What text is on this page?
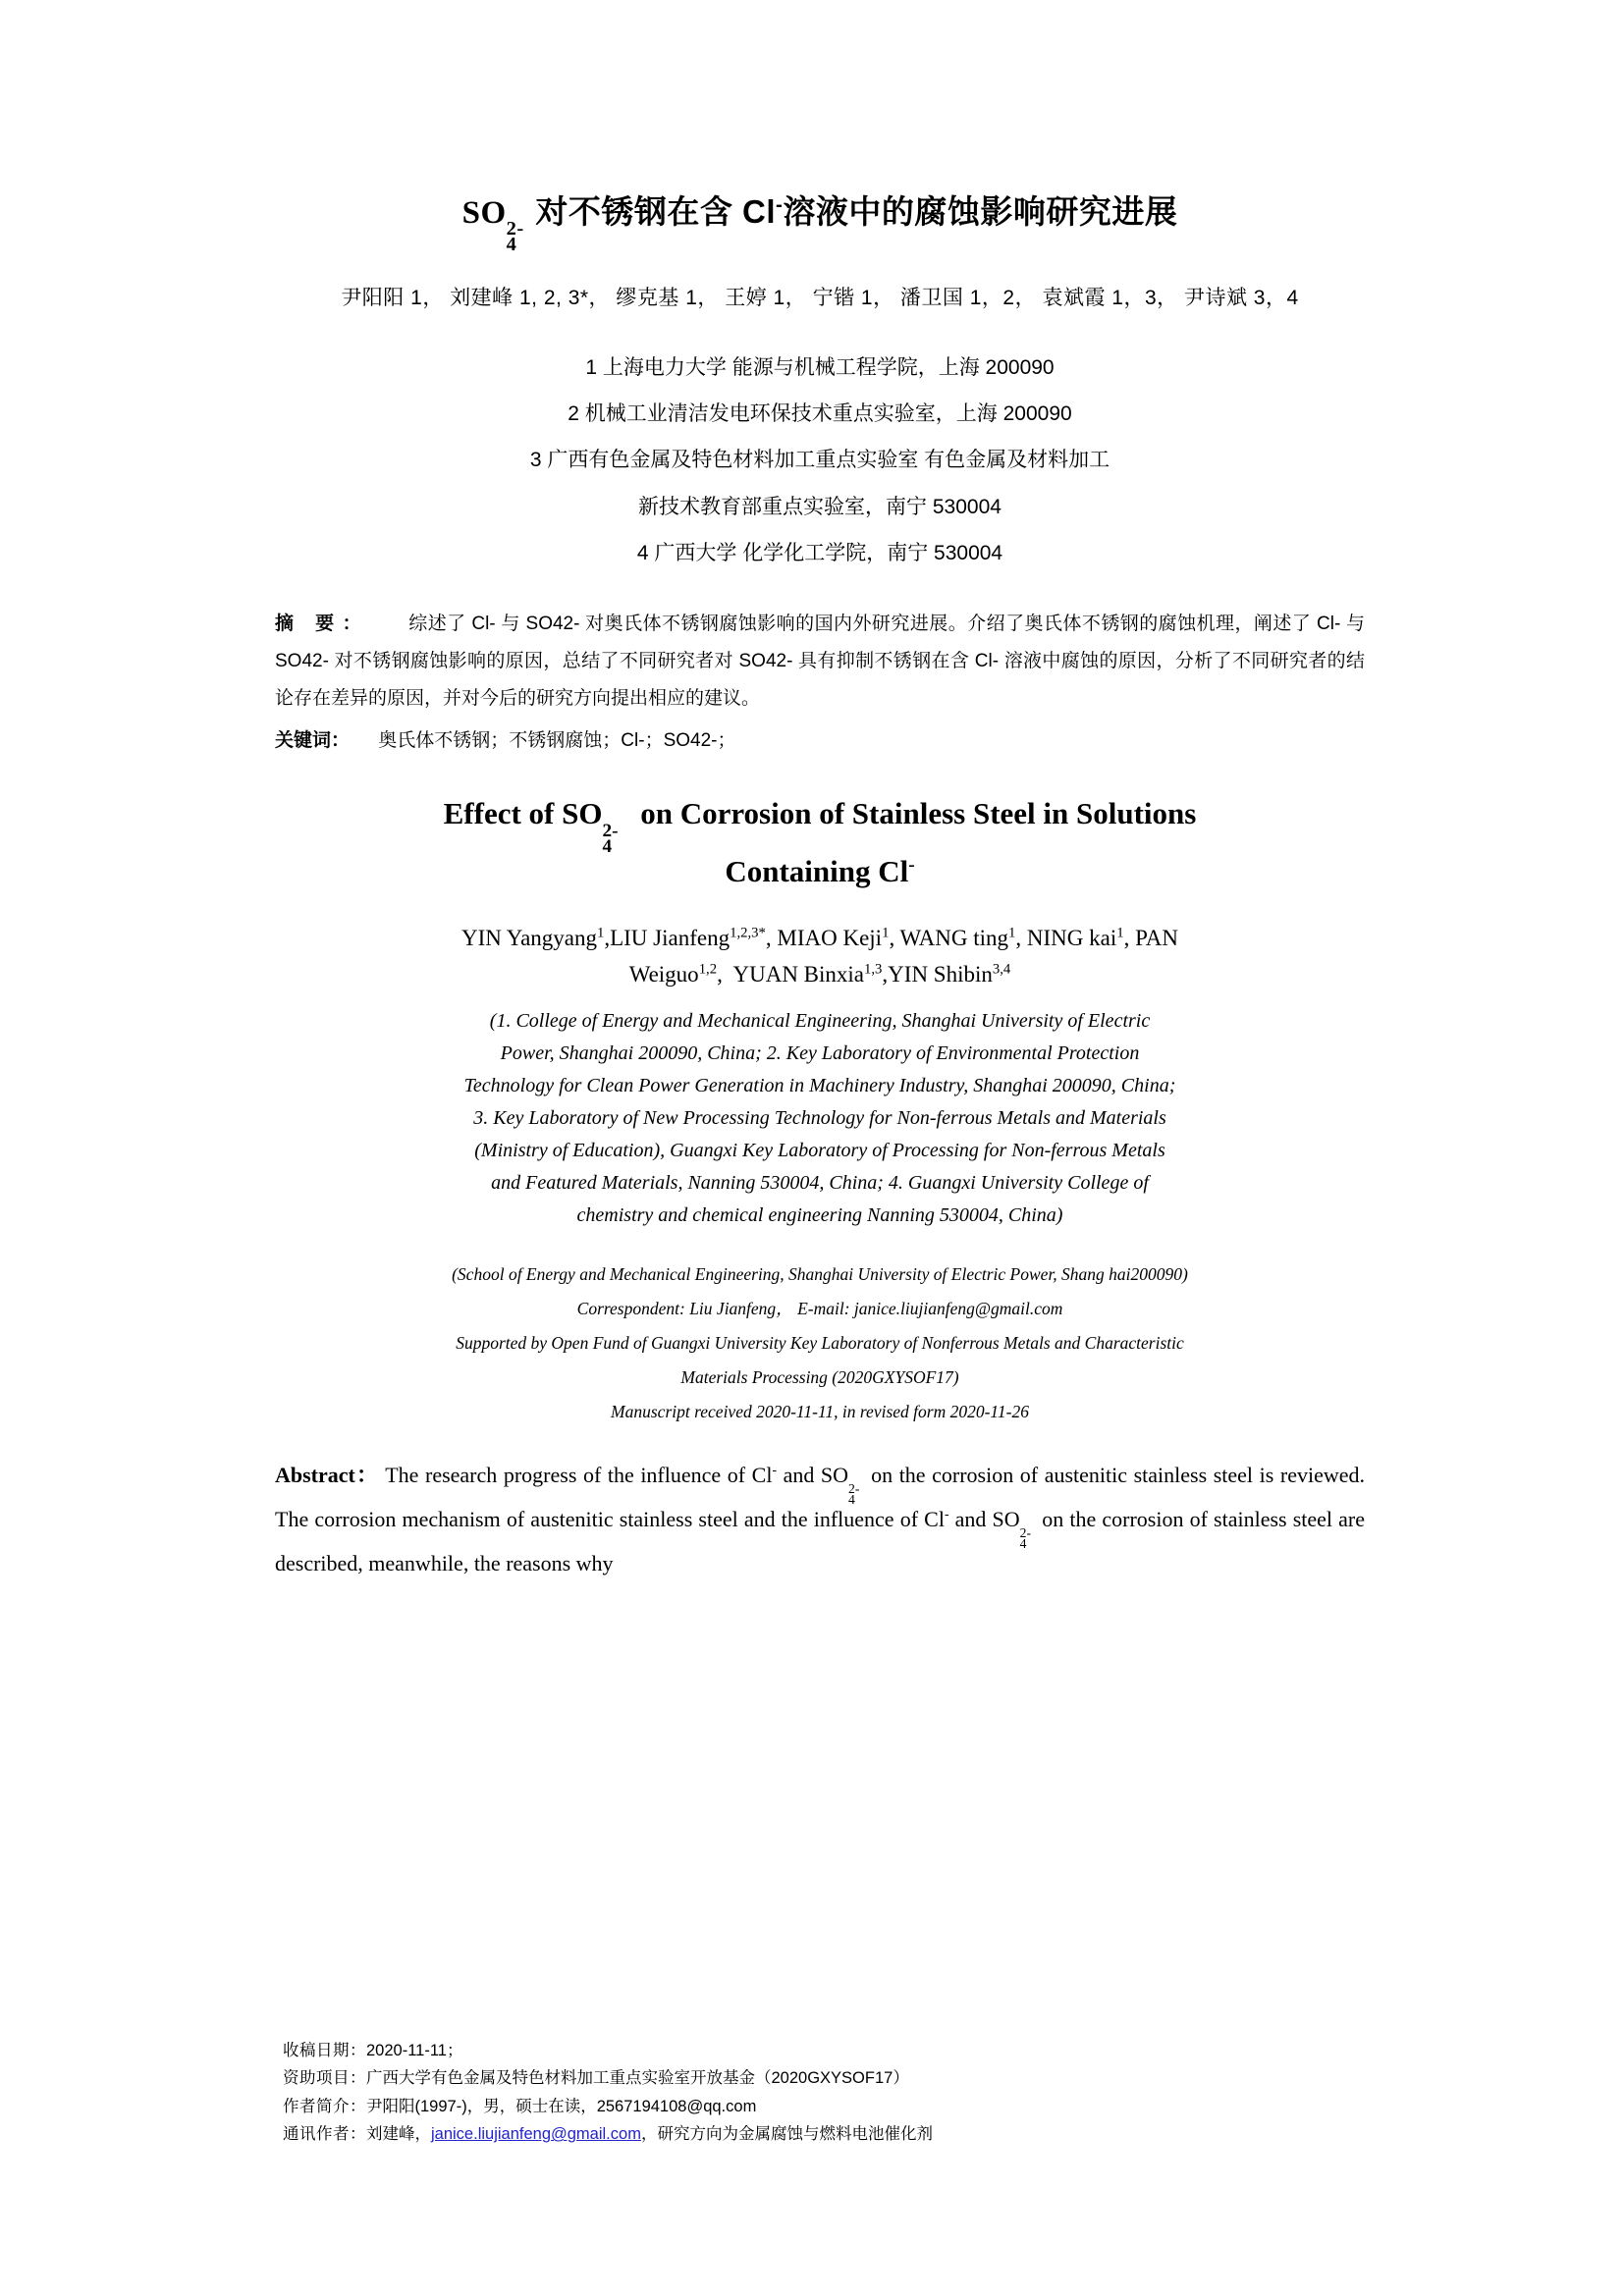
SO 2-
4
对不锈钢在含 Cl-溶液中的腐蚀影响研究进展
尹阳阳 1， 刘建峰 1, 2, 3*， 缪克基 1， 王婷 1， 宁锴 1， 潘卫国 1，2， 袁斌霞 1，3， 尹诗斌 3，4
1 上海电力大学 能源与机械工程学院，上海 200090
2 机械工业清洁发电环保技术重点实验室，上海 200090
3 广西有色金属及特色材料加工重点实验室 有色金属及材料加工
新技术教育部重点实验室，南宁 530004
4 广西大学 化学化工学院，南宁 530004
摘 要： 综述了 Cl- 与 SO42- 对奥氏体不锈钢腐蚀影响的国内外研究进展。介绍了奥氏体不锈钢的腐蚀机理，阐述了 Cl- 与 SO42- 对不锈钢腐蚀影响的原因，总结了不同研究者对 SO42- 具有抑制不锈钢在含 Cl- 溶液中腐蚀的原因，分析了不同研究者的结论存在差异的原因，并对今后的研究方向提出相应的建议。
关键词： 奥氏体不锈钢；不锈钢腐蚀；Cl-；SO42-；
Effect of SO 2-
4
on Corrosion of Stainless Steel in Solutions
Containing Cl-
YIN Yangyang$^1$,LIU Jianfeng$^{1,2,3*}$, MIAO Keji$^1$, WANG ting$^1$, NING kai$^1$, PAN
Weiguo$^{1,2}$,  YUAN Binxia$^{1,3}$,YIN Shibin$^{3,4}$
(1. College of Energy and Mechanical Engineering, Shanghai University of Electric
Power, Shanghai 200090, China; 2. Key Laboratory of Environmental Protection
Technology for Clean Power Generation in Machinery Industry, Shanghai 200090, China;
3. Key Laboratory of New Processing Technology for Non-ferrous Metals and Materials
(Ministry of Education), Guangxi Key Laboratory of Processing for Non-ferrous Metals
and Featured Materials, Nanning 530004, China; 4. Guangxi University College of
chemistry and chemical engineering Nanning 530004, China)
(School of Energy and Mechanical Engineering, Shanghai University of Electric Power, Shang hai200090)
Correspondent: Liu Jianfeng， E-mail: janice.liujianfeng@gmail.com
Supported by Open Fund of Guangxi University Key Laboratory of Nonferrous Metals and Characteristic
Materials Processing (2020GXYSOF17)
Manuscript received 2020-11-11, in revised form 2020-11-26
Abstract： The research progress of the influence of Cl- and SO
2-
4
on the corrosion of austenitic stainless steel is reviewed. The corrosion mechanism of austenitic stainless steel and the influence of Cl- and SO
2-
4
on the corrosion of stainless steel are described, meanwhile, the reasons why
收稿日期：2020-11-11；
资助项目：广西大学有色金属及特色材料加工重点实验室开放基金（2020GXYSOF17）
作者简介：尹阳阳(1997-)，男，硕士在读，2567194108@qq.com
通讯作者：刘建峰，janice.liujianfeng@gmail.com，研究方向为金属腐蚀与燃料电池催化剂
